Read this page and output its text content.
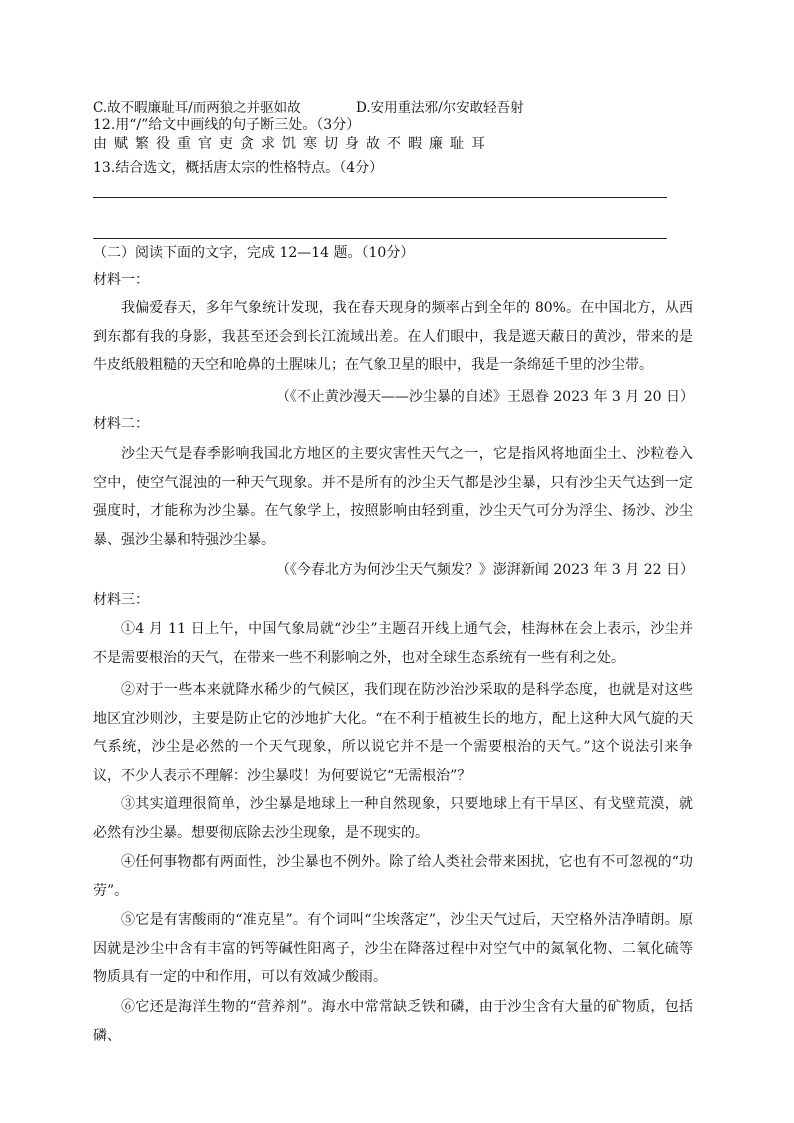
C.故不暇廉耻耳/而两狼之并驱如故	D.安用重法邪/尔安敢轻吾射
12.用“/”给文中画线的句子断三处。（3分）
由赋繁役重官吏贪求饥寒切身故不暇廉耻耳
13.结合选文，概括唐太宗的性格特点。（4分）
（二）阅读下面的文字，完成 12—14 题。（10分）
材料一：
我偏爱春天，多年气象统计发现，我在春天现身的频率占到全年的 80%。在中国北方，从西到东都有我的身影，我甚至还会到长江流域出差。在人们眼中，我是遮天蔽日的黄沙，带来的是牛皮纸般粗糙的天空和呛鼻的土腥味儿；在气象卫星的眼中，我是一条绵延千里的沙尘带。
（《不止黄沙漫天——沙尘暴的自述》王恩眷 2023 年 3 月 20 日）
材料二：
沙尘天气是春季影响我国北方地区的主要灾害性天气之一，它是指风将地面尘土、沙粒卷入空中，使空气混浊的一种天气现象。并不是所有的沙尘天气都是沙尘暴，只有沙尘天气达到一定强度时，才能称为沙尘暴。在气象学上，按照影响由轻到重，沙尘天气可分为浮尘、扬沙、沙尘暴、强沙尘暴和特强沙尘暴。
（《今春北方为何沙尘天气频发？》澎湃新闻 2023 年 3 月 22 日）
材料三：
①4 月 11 日上午，中国气象局就“沙尘”主题召开线上通气会，桂海林在会上表示，沙尘并不是需要根治的天气，在带来一些不利影响之外，也对全球生态系统有一些有利之处。
②对于一些本来就降水稀少的气候区，我们现在防沙治沙采取的是科学态度，也就是对这些地区宜沙则沙，主要是防止它的沙地扩大化。“在不利于植被生长的地方，配上这种大风气旋的天气系统，沙尘是必然的一个天气现象，所以说它并不是一个需要根治的天气。”这个说法引来争议，不少人表示不理解：沙尘暴哎！为何要说它“无需根治”？
③其实道理很简单，沙尘暴是地球上一种自然现象，只要地球上有干旱区、有戈壁荒漠，就必然有沙尘暴。想要彻底除去沙尘现象，是不现实的。
④任何事物都有两面性，沙尘暴也不例外。除了给人类社会带来困扰，它也有不可忽视的“功劳”。
⑤它是有害酸雨的“准克星”。有个词叫“尘埃落定”，沙尘天气过后，天空格外洁净晴朗。原因就是沙尘中含有丰富的钙等碱性阳离子，沙尘在降落过程中对空气中的氮氧化物、二氧化硫等物质具有一定的中和作用，可以有效减少酸雨。
⑥它还是海洋生物的“营养剂”。海水中常常缺乏铁和磷，由于沙尘含有大量的矿物质，包括磷、
